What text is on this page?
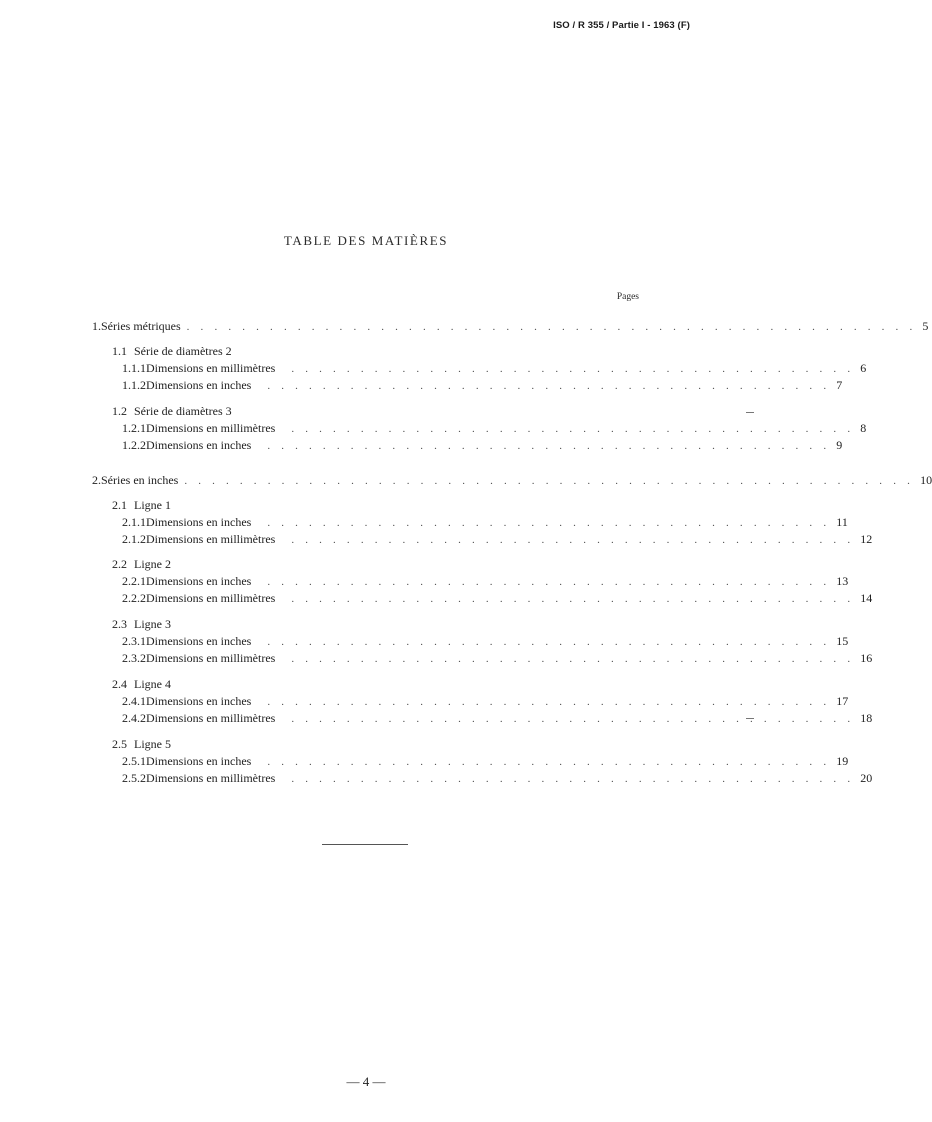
ISO / R 355 / Partie I - 1963 (F)
TABLE DES MATIÈRES
Pages
1. Séries métriques . . . . . . . . . . . . . . . . . . . . . . . . . . . . . . . . . . . . . . . . . . . . . . . . . . . . . 5
1.1 Série de diamètres 2
1.1.1 Dimensions en millimètres . . . . . . . . . . . . . . . . . . . . . . . . . . . . . . . . . . . . . . . . . 6
1.1.2 Dimensions en inches . . . . . . . . . . . . . . . . . . . . . . . . . . . . . . . . . . . . . . . . . 7
1.2 Série de diamètres 3
1.2.1 Dimensions en millimètres . . . . . . . . . . . . . . . . . . . . . . . . . . . . . . . . . . . . . . . . . 8
1.2.2 Dimensions en inches . . . . . . . . . . . . . . . . . . . . . . . . . . . . . . . . . . . . . . . . . 9
2. Séries en inches . . . . . . . . . . . . . . . . . . . . . . . . . . . . . . . . . . . . . . . . . . . . . . . . . . . . . 10
2.1 Ligne 1
2.1.1 Dimensions en inches . . . . . . . . . . . . . . . . . . . . . . . . . . . . . . . . . . . . . . . . . 11
2.1.2 Dimensions en millimètres . . . . . . . . . . . . . . . . . . . . . . . . . . . . . . . . . . . . . . . . . 12
2.2 Ligne 2
2.2.1 Dimensions en inches . . . . . . . . . . . . . . . . . . . . . . . . . . . . . . . . . . . . . . . . . 13
2.2.2 Dimensions en millimètres . . . . . . . . . . . . . . . . . . . . . . . . . . . . . . . . . . . . . . . . . 14
2.3 Ligne 3
2.3.1 Dimensions en inches . . . . . . . . . . . . . . . . . . . . . . . . . . . . . . . . . . . . . . . . . 15
2.3.2 Dimensions en millimètres . . . . . . . . . . . . . . . . . . . . . . . . . . . . . . . . . . . . . . . . . 16
2.4 Ligne 4
2.4.1 Dimensions en inches . . . . . . . . . . . . . . . . . . . . . . . . . . . . . . . . . . . . . . . . . 17
2.4.2 Dimensions en millimètres . . . . . . . . . . . . . . . . . . . . . . . . . . . . . . . . . . . . . . . . . 18
2.5 Ligne 5
2.5.1 Dimensions en inches . . . . . . . . . . . . . . . . . . . . . . . . . . . . . . . . . . . . . . . . . 19
2.5.2 Dimensions en millimètres . . . . . . . . . . . . . . . . . . . . . . . . . . . . . . . . . . . . . . . . . 20
— 4 —
